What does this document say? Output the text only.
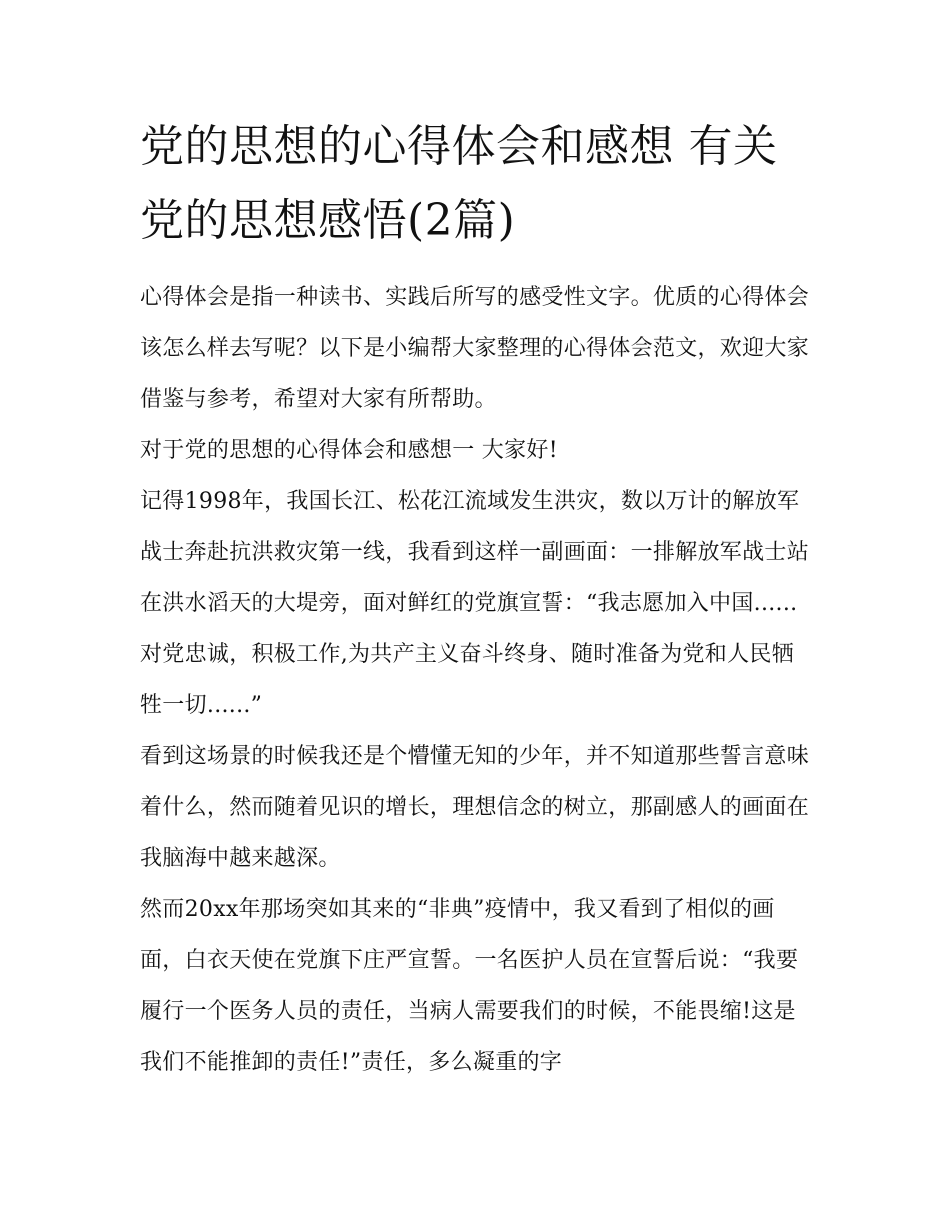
党的思想的心得体会和感想 有关党的思想感悟(2篇)

心得体会是指一种读书、实践后所写的感受性文字。优质的心得体会该怎么样去写呢？以下是小编帮大家整理的心得体会范文，欢迎大家借鉴与参考，希望对大家有所帮助。

对于党的思想的心得体会和感想一 大家好!

记得1998年，我国长江、松花江流域发生洪灾，数以万计的解放军战士奔赴抗洪救灾第一线，我看到这样一副画面：一排解放军战士站在洪水滔天的大堤旁，面对鲜红的党旗宣誓：“我志愿加入中国......对党忠诚，积极工作,为共产主义奋斗终身、随时准备为党和人民牺牲一切......”

看到这场景的时候我还是个懵懂无知的少年，并不知道那些誓言意味着什么，然而随着见识的增长，理想信念的树立，那副感人的画面在我脑海中越来越深。

然而20xx年那场突如其来的“非典”疫情中，我又看到了相似的画面，白衣天使在党旗下庄严宣誓。一名医护人员在宣誓后说：“我要履行一个医务人员的责任，当病人需要我们的时候，不能畏缩!这是我们不能推卸的责任!”责任，多么凝重的字
